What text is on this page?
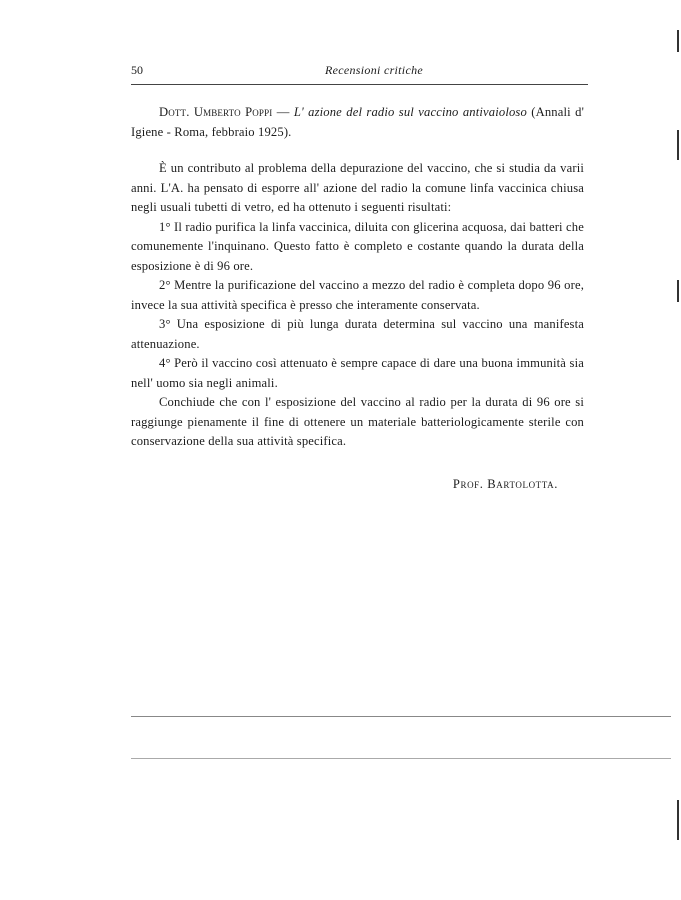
50	Recensioni critiche

Dott. Umberto Poppi — L' azione del radio sul vaccino antivaioloso (Annali d' Igiene - Roma, febbraio 1925).

È un contributo al problema della depurazione del vaccino, che si studia da varii anni. L'A. ha pensato di esporre all' azione del radio la comune linfa vaccinica chiusa negli usuali tubetti di vetro, ed ha ottenuto i seguenti risultati:

1° Il radio purifica la linfa vaccinica, diluita con glicerina acquosa, dai batteri che comunemente l'inquinano. Questo fatto è completo e costante quando la durata della esposizione è di 96 ore.

2° Mentre la purificazione del vaccino a mezzo del radio è completa dopo 96 ore, invece la sua attività specifica è presso che interamente conservata.

3° Una esposizione di più lunga durata determina sul vaccino una manifesta attenuazione.

4° Però il vaccino così attenuato è sempre capace di dare una buona immunità sia nell' uomo sia negli animali.

Conchiude che con l' esposizione del vaccino al radio per la durata di 96 ore si raggiunge pienamente il fine di ottenere un materiale batteriologicamente sterile con conservazione della sua attività specifica.

Prof. Bartolotta.
